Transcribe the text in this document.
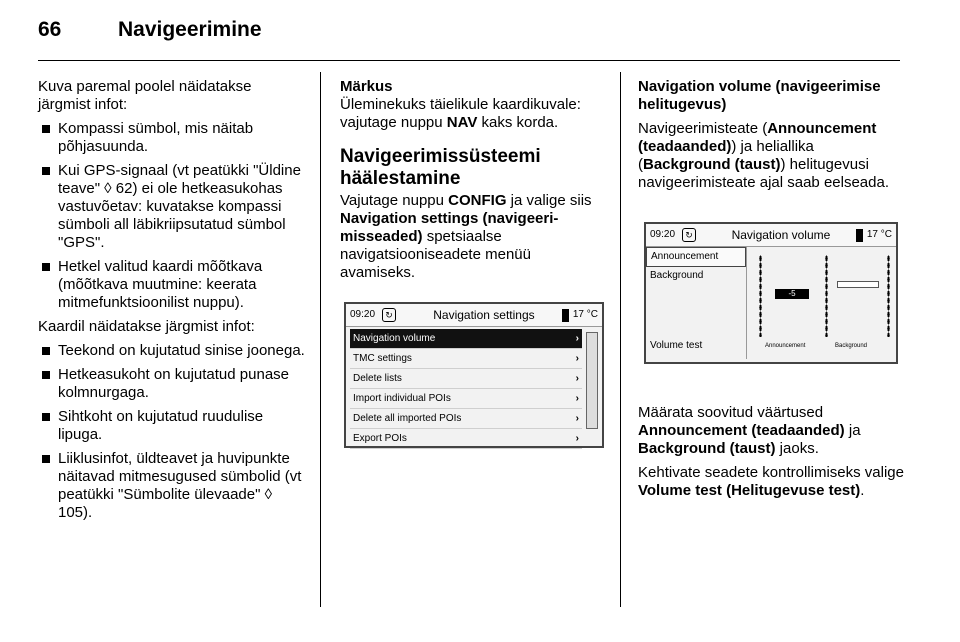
66	Navigeerimine

Kuva paremal poolel näidatakse järgmist infot:

Kompassi sümbol, mis näitab põhjasuunda.
Kui GPS-signaal (vt peatükki "Üldine teave" ◊ 62) ei ole hetkeasukohas vastuvõetav: kuvatakse kompassi sümboli all läbikriipsutatud sümbol "GPS".
Hetkel valitud kaardi mõõtkava (mõõtkava muutmine: keerata mitmefunktsioonilist nuppu).

Kaardil näidatakse järgmist infot:

Teekond on kujutatud sinise joonega.
Hetkeasukoht on kujutatud punase kolmnurgaga.
Sihtkoht on kujutatud ruudulise lipuga.
Liiklusinfot, üldteavet ja huvipunkte näitavad mitmesugused sümbolid (vt peatükki "Sümbolite ülevaade" ◊ 105).

Märkus
Üleminekuks täielikule kaardikuvale: vajutage nuppu NAV kaks korda.

Navigeerimissüsteemi häälestamine

Vajutage nuppu CONFIG ja valige siis Navigation settings (navigeeri-misseaded) spetsiaalse navigatsiooniseadete menüü avamiseks.

09:20	↻	Navigation settings	17 °C
Navigation volume	›
TMC settings	›
Delete lists	›
Import individual POIs	›
Delete all imported POIs	›
Export POIs	›

Navigation volume (navigeerimise helitugevus)

Navigeerimisteate (Announcement (teadaanded)) ja heliallika (Background (taust)) helitugevusi navigeerimisteate ajal saab eelseada.

09:20	↻	Navigation volume	17 °C
Announcement
Background
Volume test
-5
Announcement	Background

Määrata soovitud väärtused Announcement (teadaanded) ja Background (taust) jaoks.

Kehtivate seadete kontrollimiseks valige Volume test (Helitugevuse test).
